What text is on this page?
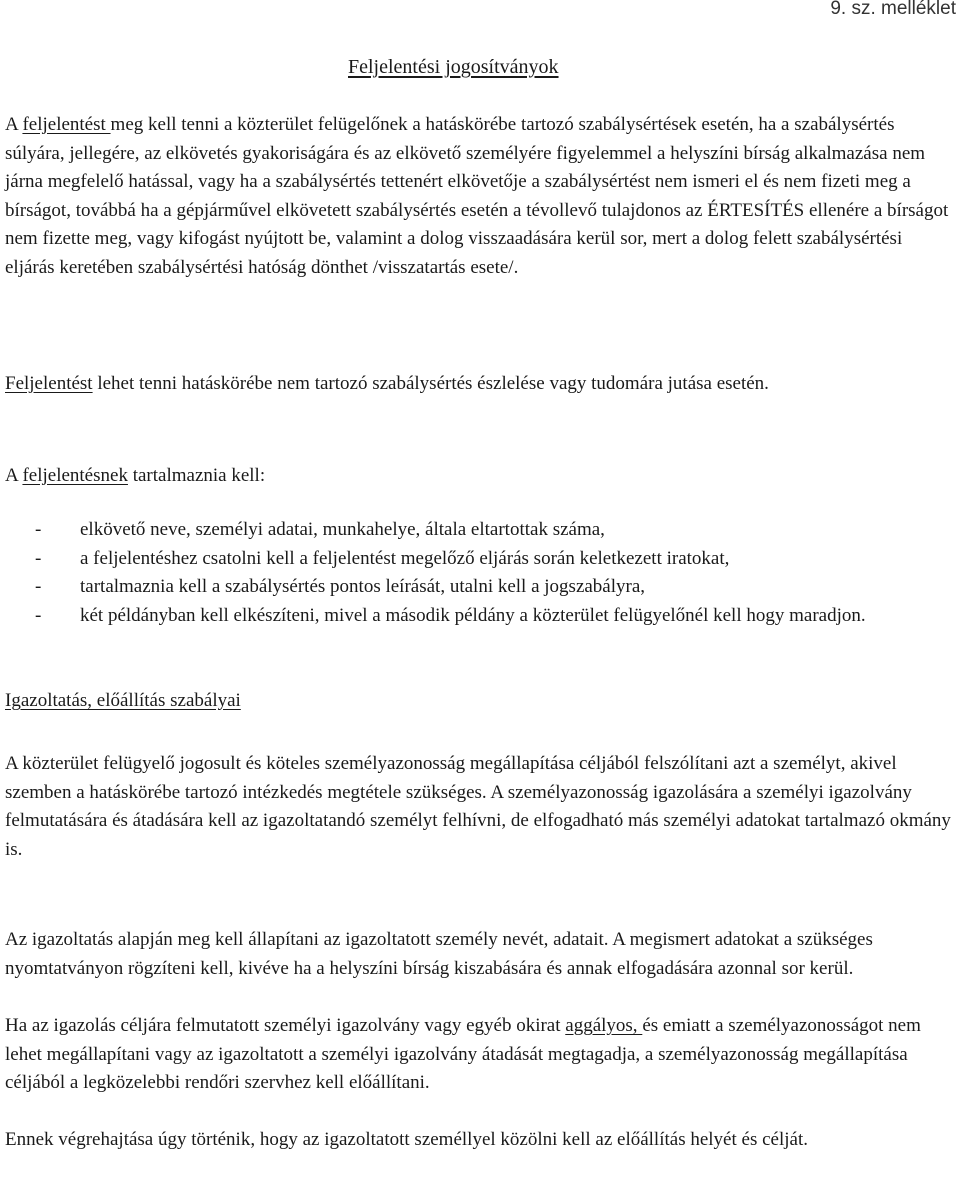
9. sz. melléklet
Feljelentési jogosítványok
A feljelentést meg kell tenni a közterület felügelőnek a hatáskörébe tartozó szabálysértések esetén, ha a szabálysértés súlyára, jellegére, az elkövetés gyakoriságára és az elkövető személyére figyelemmel a helyszíni bírság alkalmazása nem járna megfelelő hatással, vagy ha a szabálysértés tettenért elkövetője a szabálysértést nem ismeri el és nem fizeti meg a bírságot, továbbá ha a gépjárművel elkövetett szabálysértés esetén a tévollevő tulajdonos az ÉRTESÍTÉS ellenére a bírságot nem fizette meg, vagy kifogást nyújtott be, valamint a dolog visszaadására kerül sor, mert a dolog felett szabálysértési eljárás keretében szabálysértési hatóság dönthet /visszatartás esete/.
Feljelentést lehet tenni hatáskörébe nem tartozó szabálysértés észlelése vagy tudomára jutása esetén.
A feljelentésnek tartalmaznia kell:
- elkövető neve, személyi adatai, munkahelye, általa eltartottak száma,
- a feljelentéshez csatolni kell a feljelentést megelőző eljárás során keletkezett iratokat,
- tartalmaznia kell a szabálysértés pontos leírását, utalni kell a jogszabályra,
- két példányban kell elkészíteni, mivel a második példány a közterület felügyelőnél kell hogy maradjon.
Igazoltatás, előállítás szabályai
A közterület felügyelő jogosult és köteles személyazonosság megállapítása céljából felszólítani azt a személyt, akivel szemben a hatáskörébe tartozó intézkedés megtétele szükséges. A személyazonosság igazolására a személyi igazolvány felmutatására és átadására kell az igazoltatandó személyt felhívni, de elfogadható más személyi adatokat tartalmazó okmány is.
Az igazoltatás alapján meg kell állapítani az igazoltatott személy nevét, adatait. A megismert adatokat a szükséges nyomtatványon rögzíteni kell, kivéve ha a helyszíni bírság kiszabására és annak elfogadására azonnal sor kerül.
Ha az igazolás céljára felmutatott személyi igazolvány vagy egyéb okirat aggályos, és emiatt a személyazonosságot nem lehet megállapítani vagy az igazoltatott a személyi igazolvány átadását megtagadja, a személyazonosság megállapítása céljából a legközelebbi rendőri szervhez kell előállítani.
Ennek végrehajtása úgy történik, hogy az igazoltatott személlyel közölni kell az előállítás helyét és célját.
